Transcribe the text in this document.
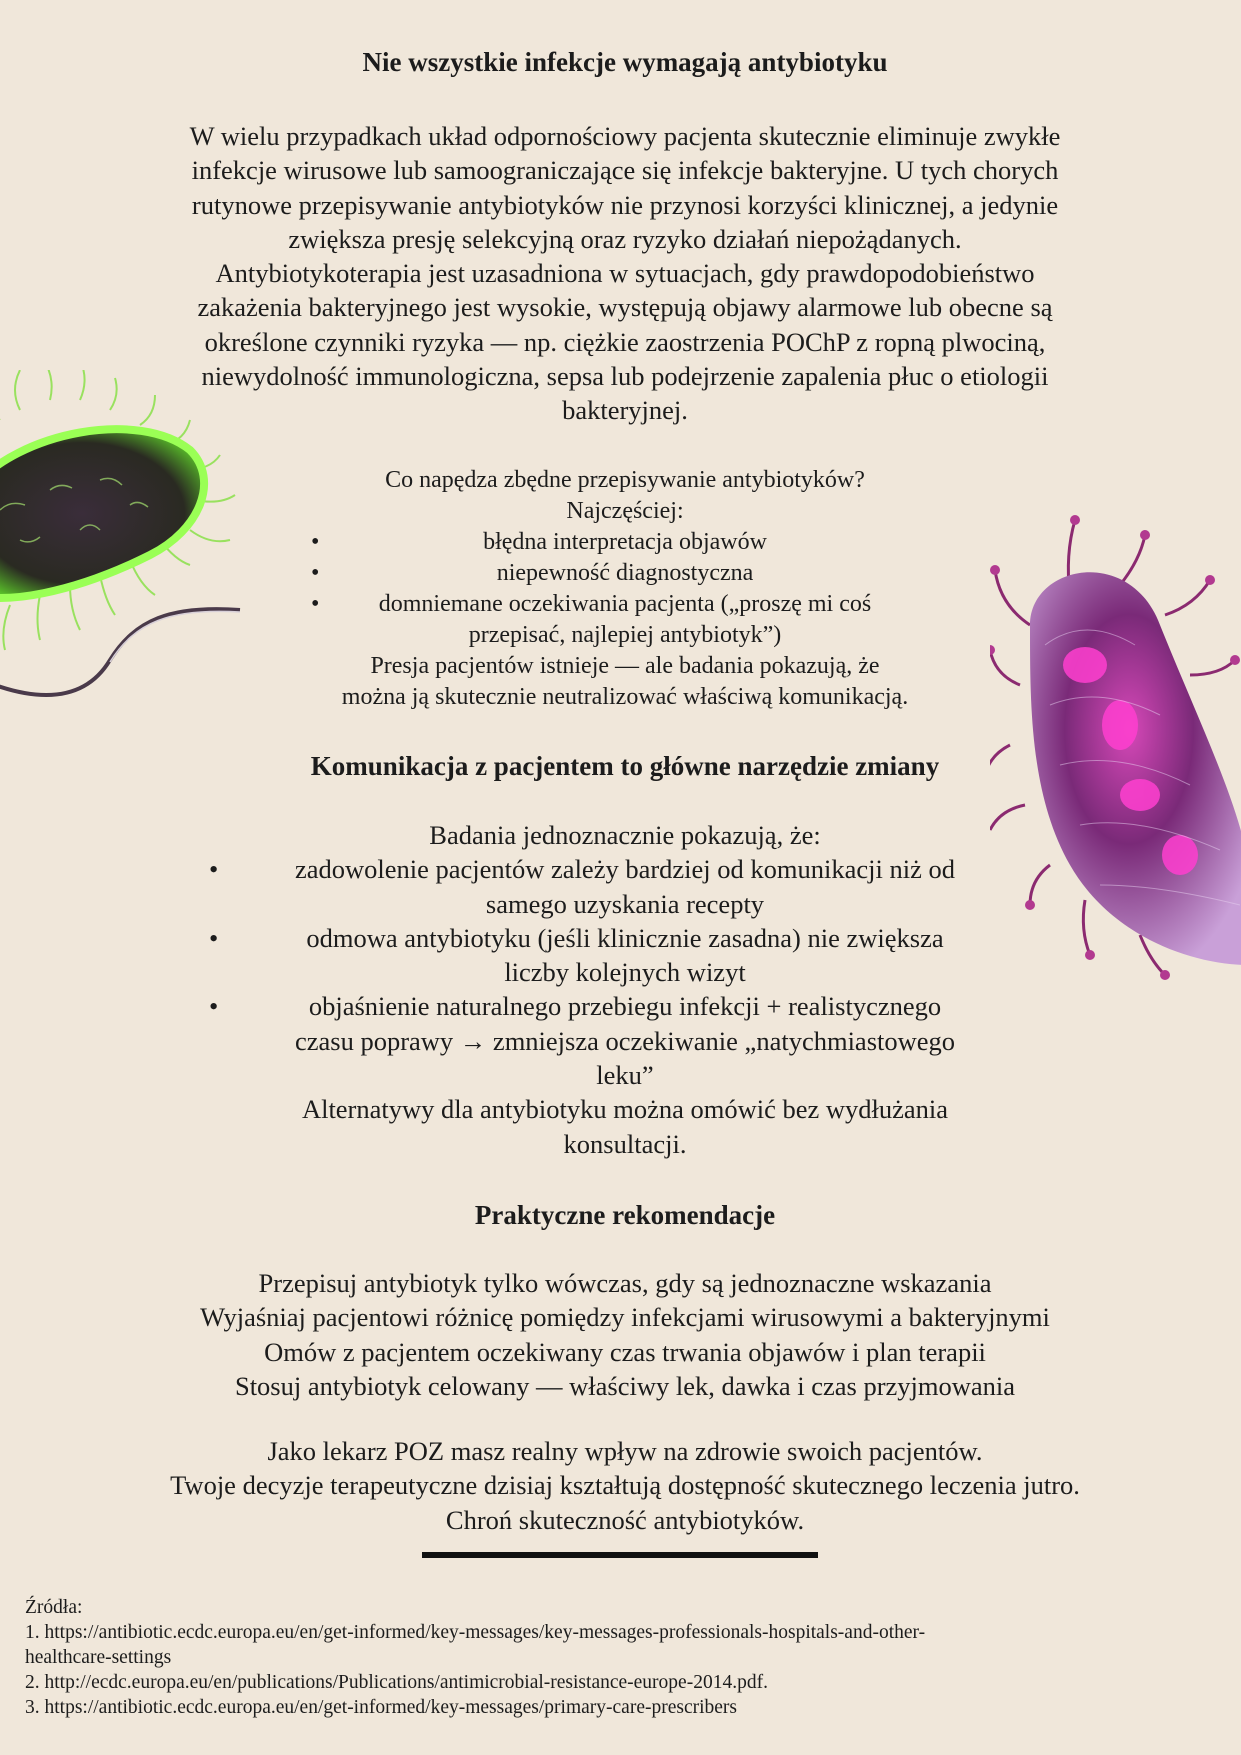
Nie wszystkie infekcje wymagają antybiotyku
W wielu przypadkach układ odpornościowy pacjenta skutecznie eliminuje zwykłe
infekcje wirusowe lub samoograniczające się infekcje bakteryjne. U tych chorych
rutynowe przepisywanie antybiotyków nie przynosi korzyści klinicznej, a jedynie
zwiększa presję selekcyjną oraz ryzyko działań niepożądanych.
Antybiotykoterapia jest uzasadniona w sytuacjach, gdy prawdopodobieństwo
zakażenia bakteryjnego jest wysokie, występują objawy alarmowe lub obecne są
określone czynniki ryzyka — np. ciężkie zaostrzenia POChP z ropną plwociną,
niewydolność immunologiczna, sepsa lub podejrzenie zapalenia płuc o etiologii
bakteryjnej.
Co napędza zbędne przepisywanie antybiotyków?
Najczęściej:
•	błędna interpretacja objawów
•	niepewność diagnostyczna
•	domniemane oczekiwania pacjenta („proszę mi coś
przepisać, najlepiej antybiotyk”)
Presja pacjentów istnieje — ale badania pokazują, że
można ją skutecznie neutralizować właściwą komunikacją.
Komunikacja z pacjentem to główne narzędzie zmiany
Badania jednoznacznie pokazują, że:
•	zadowolenie pacjentów zależy bardziej od komunikacji niż od
samego uzyskania recepty
•	odmowa antybiotyku (jeśli klinicznie zasadna) nie zwiększa
liczby kolejnych wizyt
•	objaśnienie naturalnego przebiegu infekcji + realistycznego
czasu poprawy → zmniejsza oczekiwanie „natychmiastowego
leku”
Alternatywy dla antybiotyku można omówić bez wydłużania
konsultacji.
Praktyczne rekomendacje
Przepisuj antybiotyk tylko wówczas, gdy są jednoznaczne wskazania
Wyjaśniaj pacjentowi różnicę pomiędzy infekcjami wirusowymi a bakteryjnymi
Omów z pacjentem oczekiwany czas trwania objawów i plan terapii
Stosuj antybiotyk celowany — właściwy lek, dawka i czas przyjmowania
Jako lekarz POZ masz realny wpływ na zdrowie swoich pacjentów.
Twoje decyzje terapeutyczne dzisiaj kształtują dostępność skutecznego leczenia jutro.
Chroń skuteczność antybiotyków.
Źródła:
1. https://antibiotic.ecdc.europa.eu/en/get-informed/key-messages/key-messages-professionals-hospitals-and-other-
healthcare-settings
2. http://ecdc.europa.eu/en/publications/Publications/antimicrobial-resistance-europe-2014.pdf.
3. https://antibiotic.ecdc.europa.eu/en/get-informed/key-messages/primary-care-prescribers
